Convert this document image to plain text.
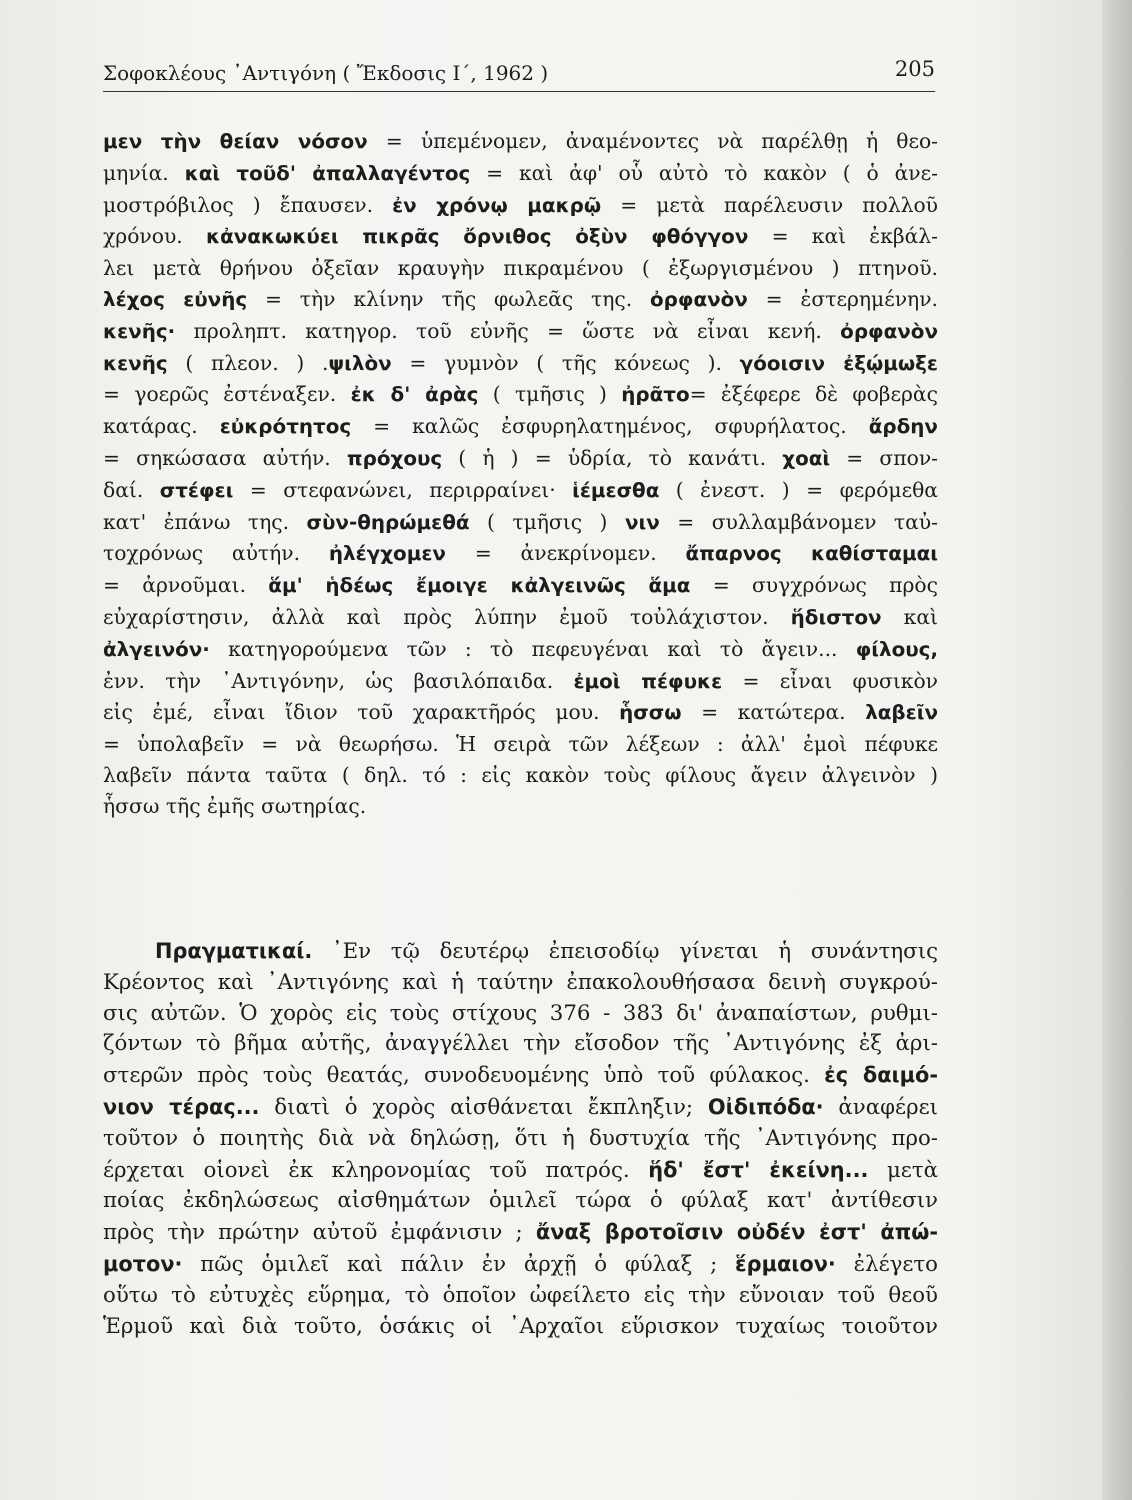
Σοφοκλέους ᾿Αντιγόνη ( Ἔκδοσις Ι΄, 1962 )	205
μεν τὴν θείαν νόσον = ὑπεμένομεν, ἀναμένοντες νὰ παρέλθῃ ἡ θεο-
μηνία. καὶ τοῦδ' ἀπαλλαγέντος = καὶ ἀφ' οὗ αὐτὸ τὸ κακὸν ( ὁ ἀνε-
μοστρόβιλος ) ἔπαυσεν. ἐν χρόνῳ μακρῷ = μετὰ παρέλευσιν πολλοῦ
χρόνου. κἀνακωκύει πικρᾶς ὄρνιθος ὀξὺν φθόγγον = καὶ ἐκβάλ-
λει μετὰ θρήνου ὀξεῖαν κραυγὴν πικραμένου ( ἐξωργισμένου ) πτηνοῦ.
λέχος εὐνῆς = τὴν κλίνην τῆς φωλεᾶς της. ὀρφανὸν = ἐστερημένην.
κενῆς· προληπτ. κατηγορ. τοῦ εὐνῆς = ὥστε νὰ εἶναι κενή. ὀρφανὸν
κενῆς ( πλεον. ) .ψιλὸν = γυμνὸν ( τῆς κόνεως ). γόοισιν ἐξῴμωξε
= γοερῶς ἐστέναξεν. ἐκ δ' ἀρὰς ( τμῆσις ) ἠρᾶτο= ἐξέφερε δὲ φοβερὰς
κατάρας. εὐκρότητος = καλῶς ἐσφυρηλατημένος, σφυρήλατος. ἄρδην
= σηκώσασα αὐτήν. πρόχους ( ἡ ) = ὑδρία, τὸ κανάτι. χοαὶ = σπον-
δαί. στέφει = στεφανώνει, περιρραίνει· ἱέμεσθα ( ἐνεστ. ) = φερόμεθα
κατ' ἐπάνω της. σὺν-θηρώμεθά ( τμῆσις ) νιν = συλλαμβάνομεν ταὐ-
τοχρόνως αὐτήν. ἠλέγχομεν = ἀνεκρίνομεν. ἄπαρνος καθίσταμαι
= ἀρνοῦμαι. ἅμ' ἡδέως ἔμοιγε κἀλγεινῶς ἅμα = συγχρόνως πρὸς
εὐχαρίστησιν, ἀλλὰ καὶ πρὸς λύπην ἐμοῦ τοὐλάχιστον. ἥδιστον καὶ
ἀλγεινόν· κατηγορούμενα τῶν : τὸ πεφευγέναι καὶ τὸ ἄγειν... φίλους,
ἐνν. τὴν ᾿Αντιγόνην, ὡς βασιλόπαιδα. ἐμοὶ πέφυκε = εἶναι φυσικὸν
εἰς ἐμέ, εἶναι ἴδιον τοῦ χαρακτῆρός μου. ἧσσω = κατώτερα. λαβεῖν
= ὑπολαβεῖν = νὰ θεωρήσω. Ἡ σειρὰ τῶν λέξεων : ἀλλ' ἐμοὶ πέφυκε
λαβεῖν πάντα ταῦτα ( δηλ. τό : εἰς κακὸν τοὺς φίλους ἄγειν ἀλγεινὸν )
ἧσσω τῆς ἐμῆς σωτηρίας.
Πραγματικαί. ᾿Εν τῷ δευτέρῳ ἐπεισοδίῳ γίνεται ἡ συνάντησις
Κρέοντος καὶ ᾿Αντιγόνης καὶ ἡ ταύτην ἐπακολουθήσασα δεινὴ συγκρού-
σις αὐτῶν. Ὁ χορὸς εἰς τοὺς στίχους 376 - 383 δι' ἀναπαίστων, ρυθμι-
ζόντων τὸ βῆμα αὐτῆς, ἀναγγέλλει τὴν εἴσοδον τῆς ᾿Αντιγόνης ἐξ ἀρι-
στερῶν πρὸς τοὺς θεατάς, συνοδευομένης ὑπὸ τοῦ φύλακος. ἐς δαιμό-
νιον τέρας... διατὶ ὁ χορὸς αἰσθάνεται ἔκπληξιν; Οἰδιπόδα· ἀναφέρει
τοῦτον ὁ ποιητὴς διὰ νὰ δηλώσῃ, ὅτι ἡ δυστυχία τῆς ᾿Αντιγόνης προ-
έρχεται οἱονεὶ ἐκ κληρονομίας τοῦ πατρός. ἥδ' ἔστ' ἐκείνη... μετὰ
ποίας ἐκδηλώσεως αἰσθημάτων ὁμιλεῖ τώρα ὁ φύλαξ κατ' ἀντίθεσιν
πρὸς τὴν πρώτην αὐτοῦ ἐμφάνισιν ; ἄναξ βροτοῖσιν οὐδέν ἐστ' ἀπώ-
μοτον· πῶς ὁμιλεῖ καὶ πάλιν ἐν ἀρχῇ ὁ φύλαξ ; ἕρμαιον· ἐλέγετο
οὕτω τὸ εὐτυχὲς εὕρημα, τὸ ὁποῖον ὠφείλετο εἰς τὴν εὔνοιαν τοῦ θεοῦ
Ἑρμοῦ καὶ διὰ τοῦτο, ὁσάκις οἱ ᾿Αρχαῖοι εὕρισκον τυχαίως τοιοῦτον
